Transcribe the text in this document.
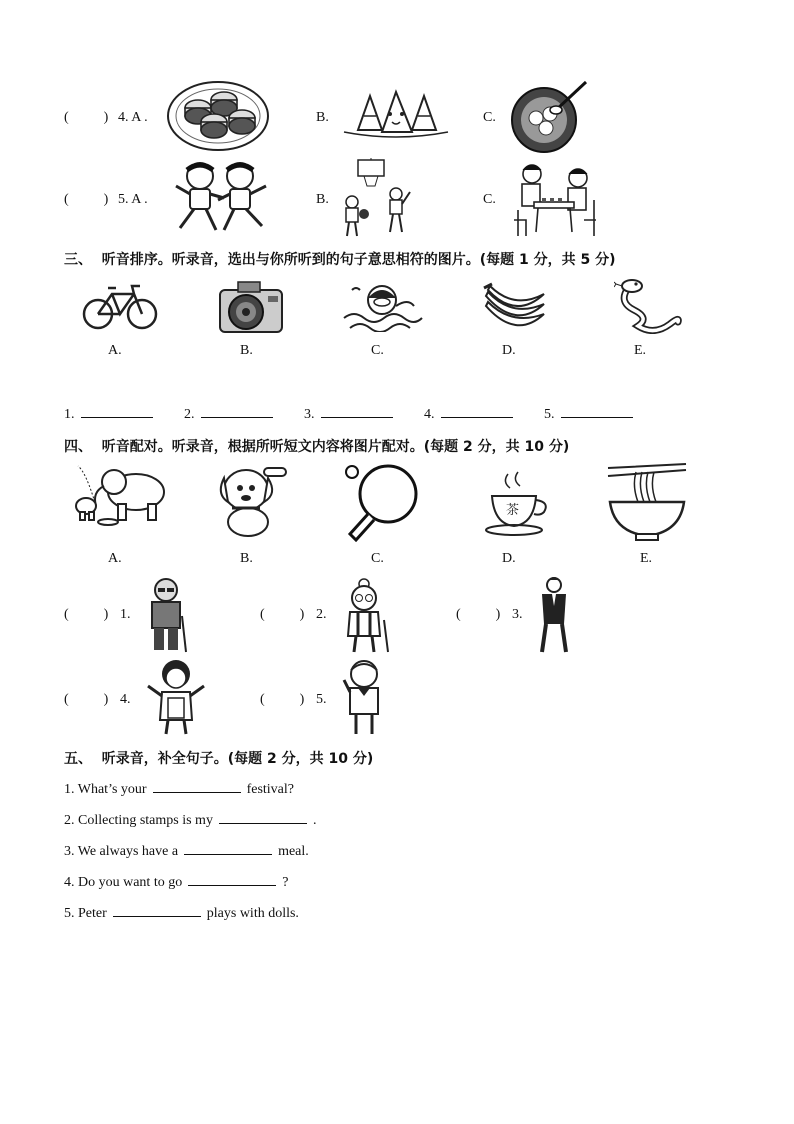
(          ) 4. A .	B.	C.
(          ) 5. A .	B.	C.
三、  听音排序。听录音，选出与你所听到的句子意思相符的图片。(每题 1 分，共 5 分)
A.	B.	C.	D.	E.
1.	2.	3.	4.	5.
四、  听音配对。听录音，根据所听短文内容将图片配对。(每题 2 分，共 10 分)
茶
A.	B.	C.	D.	E.
(          ) 1.	(          ) 2.	(          ) 3.
(          ) 4.	(          ) 5.
五、  听录音，补全句子。(每题 2 分，共 10 分)
1. What’s your	festival?
2. Collecting stamps is my	.
3. We always have a	meal.
4. Do you want to go	?
5. Peter	plays with dolls.
